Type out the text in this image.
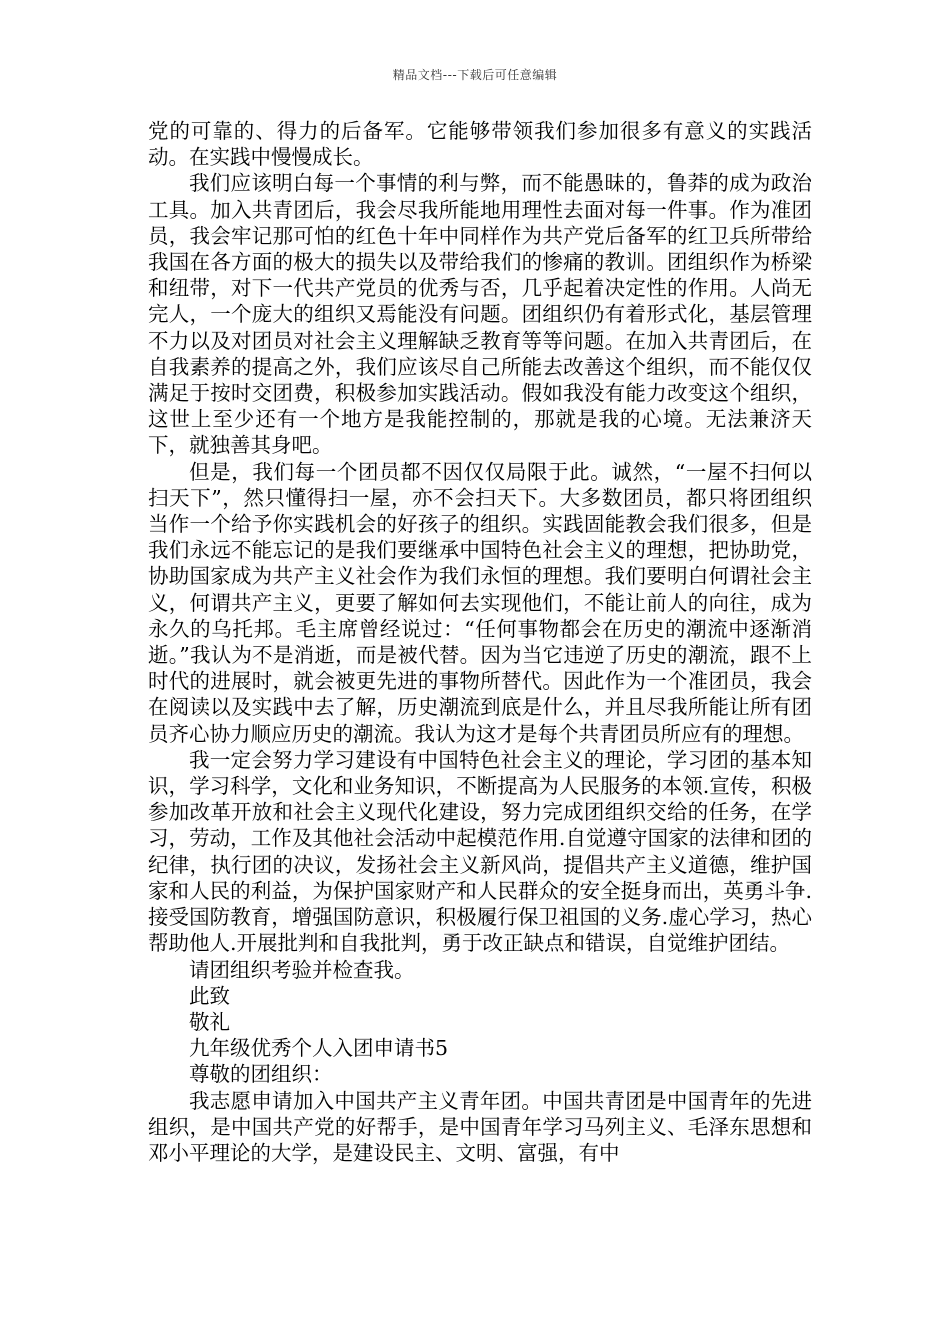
精品文档---下载后可任意编辑

党的可靠的、得力的后备军。它能够带领我们参加很多有意义的实践活动。在实践中慢慢成长。

我们应该明白每一个事情的利与弊，而不能愚昧的，鲁莽的成为政治工具。加入共青团后，我会尽我所能地用理性去面对每一件事。作为准团员，我会牢记那可怕的红色十年中同样作为共产党后备军的红卫兵所带给我国在各方面的极大的损失以及带给我们的惨痛的教训。团组织作为桥梁和纽带，对下一代共产党员的优秀与否，几乎起着决定性的作用。人尚无完人，一个庞大的组织又焉能没有问题。团组织仍有着形式化，基层管理不力以及对团员对社会主义理解缺乏教育等等问题。在加入共青团后，在自我素养的提高之外，我们应该尽自己所能去改善这个组织，而不能仅仅满足于按时交团费，积极参加实践活动。假如我没有能力改变这个组织，这世上至少还有一个地方是我能控制的，那就是我的心境。无法兼济天下，就独善其身吧。

但是，我们每一个团员都不因仅仅局限于此。诚然，“一屋不扫何以扫天下”，然只懂得扫一屋，亦不会扫天下。大多数团员，都只将团组织当作一个给予你实践机会的好孩子的组织。实践固能教会我们很多，但是我们永远不能忘记的是我们要继承中国特色社会主义的理想，把协助党，协助国家成为共产主义社会作为我们永恒的理想。我们要明白何谓社会主义，何谓共产主义，更要了解如何去实现他们，不能让前人的向往，成为永久的乌托邦。毛主席曾经说过：“任何事物都会在历史的潮流中逐渐消逝。”我认为不是消逝，而是被代替。因为当它违逆了历史的潮流，跟不上时代的进展时，就会被更先进的事物所替代。因此作为一个准团员，我会在阅读以及实践中去了解，历史潮流到底是什么，并且尽我所能让所有团员齐心协力顺应历史的潮流。我认为这才是每个共青团员所应有的理想。

我一定会努力学习建设有中国特色社会主义的理论，学习团的基本知识，学习科学，文化和业务知识，不断提高为人民服务的本领.宣传，积极参加改革开放和社会主义现代化建设，努力完成团组织交给的任务，在学习，劳动，工作及其他社会活动中起模范作用.自觉遵守国家的法律和团的纪律，执行团的决议，发扬社会主义新风尚，提倡共产主义道德，维护国家和人民的利益，为保护国家财产和人民群众的安全挺身而出，英勇斗争.接受国防教育，增强国防意识，积极履行保卫祖国的义务.虚心学习，热心帮助他人.开展批判和自我批判，勇于改正缺点和错误，自觉维护团结。

请团组织考验并检查我。

此致

敬礼

九年级优秀个人入团申请书5

尊敬的团组织：

我志愿申请加入中国共产主义青年团。中国共青团是中国青年的先进组织，是中国共产党的好帮手，是中国青年学习马列主义、毛泽东思想和邓小平理论的大学，是建设民主、文明、富强，有中
